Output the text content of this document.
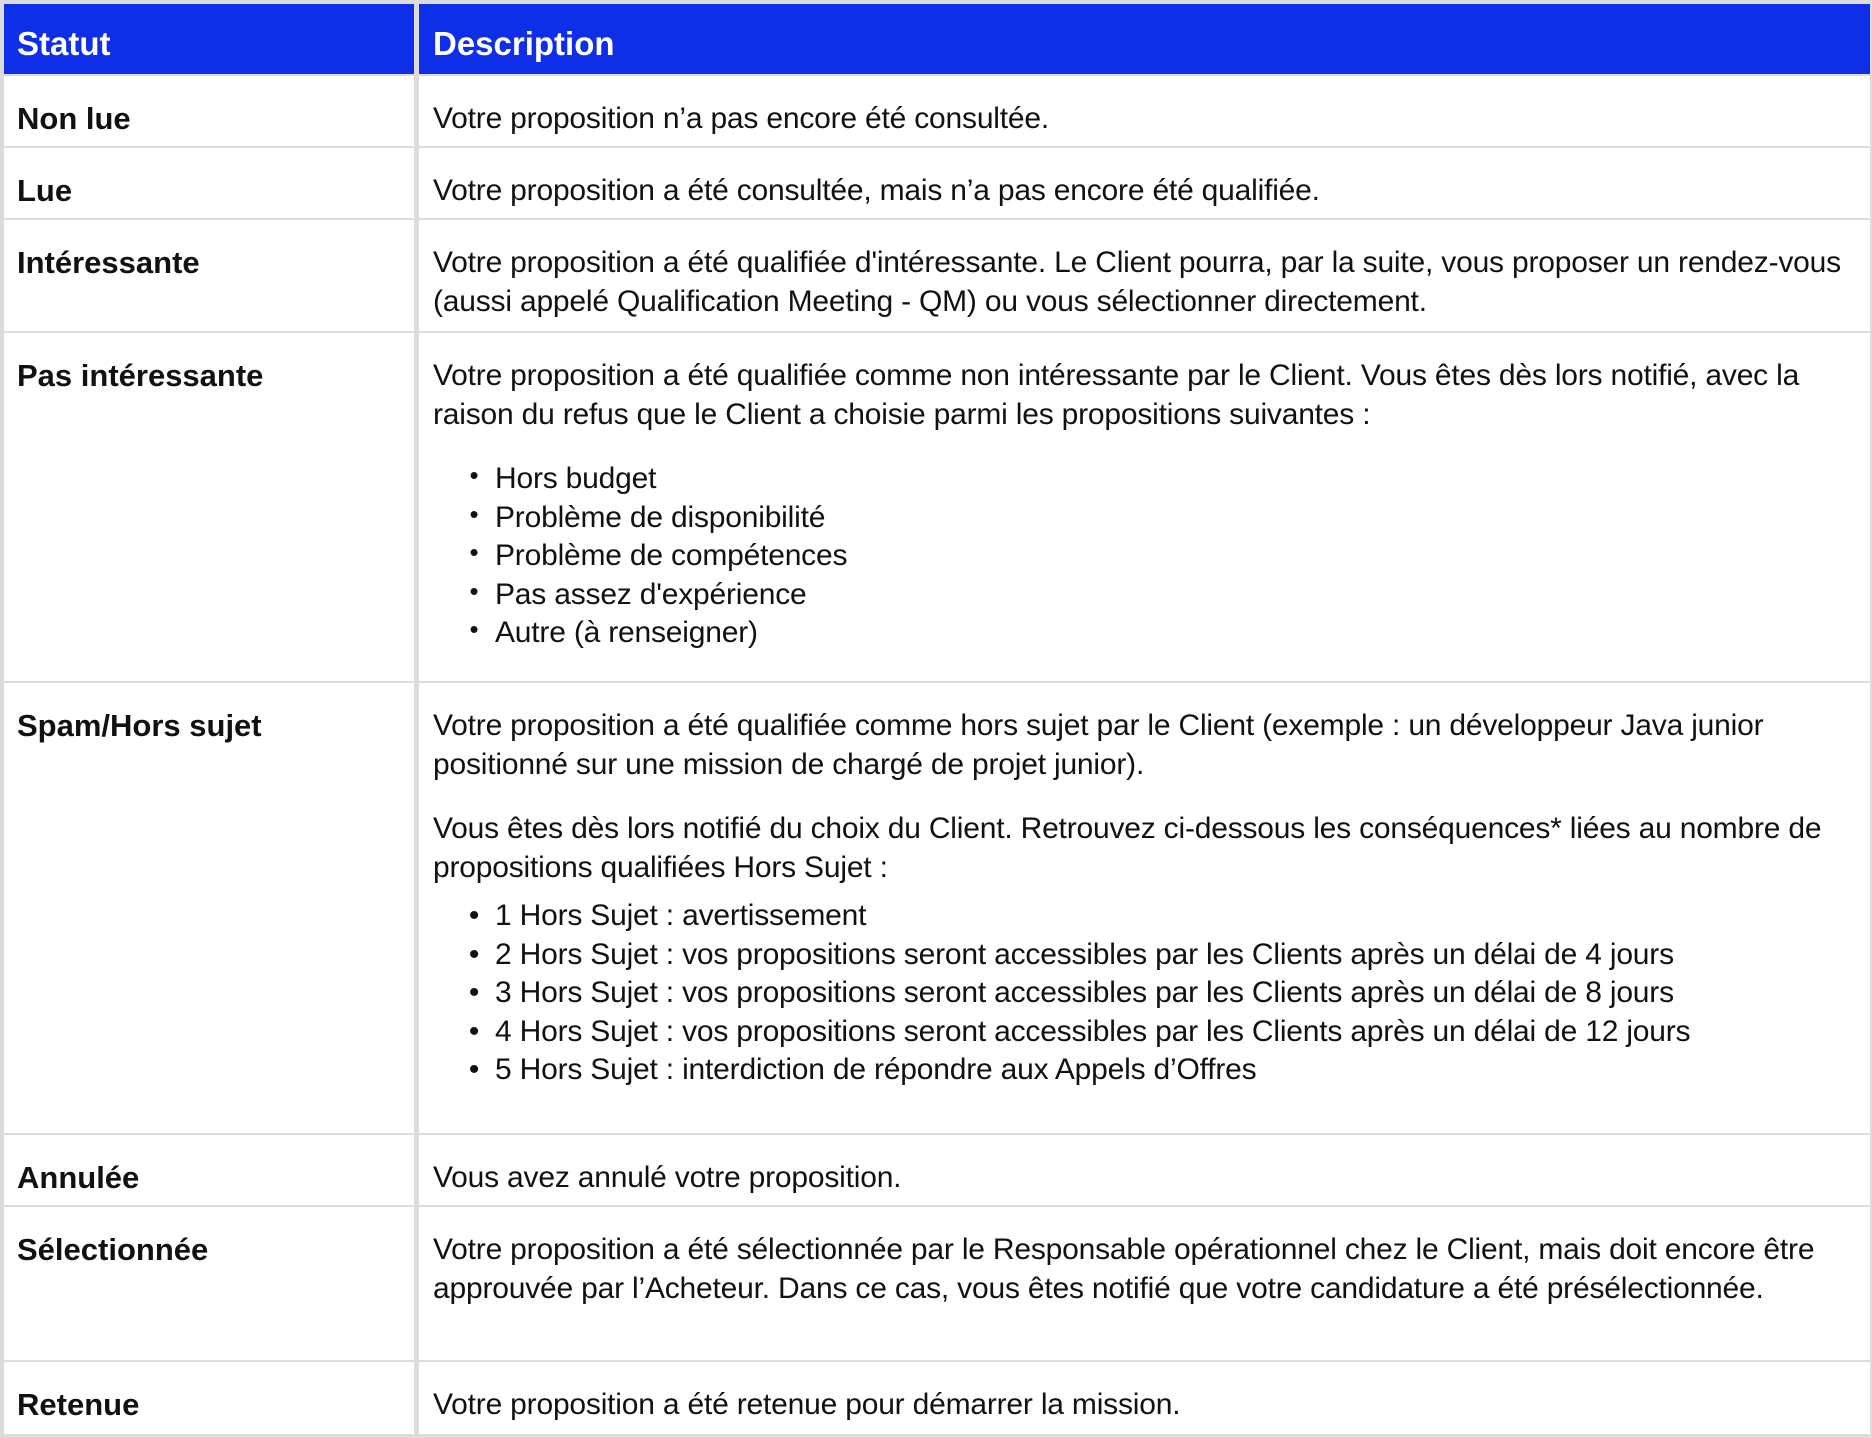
Statut	Description
Non lue	Votre proposition n’a pas encore été consultée.

Lue	Votre proposition a été consultée, mais n’a pas encore été qualifiée.

Intéressante	Votre proposition a été qualifiée d'intéressante. Le Client pourra, par la suite, vous proposer un rendez-vous (aussi appelé Qualification Meeting - QM) ou vous sélectionner directement.

Pas intéressante	Votre proposition a été qualifiée comme non intéressante par le Client. Vous êtes dès lors notifié, avec la raison du refus que le Client a choisie parmi les propositions suivantes :

• Hors budget
• Problème de disponibilité
• Problème de compétences
• Pas assez d'expérience
• Autre (à renseigner)
Spam/Hors sujet	Votre proposition a été qualifiée comme hors sujet par le Client (exemple : un développeur Java junior positionné sur une mission de chargé de projet junior).

Vous êtes dès lors notifié du choix du Client. Retrouvez ci-dessous les conséquences* liées au nombre de propositions qualifiées Hors Sujet :

• 1 Hors Sujet : avertissement
• 2 Hors Sujet : vos propositions seront accessibles par les Clients après un délai de 4 jours
• 3 Hors Sujet : vos propositions seront accessibles par les Clients après un délai de 8 jours
• 4 Hors Sujet : vos propositions seront accessibles par les Clients après un délai de 12 jours
• 5 Hors Sujet : interdiction de répondre aux Appels d’Offres
Annulée	Vous avez annulé votre proposition.

Sélectionnée	Votre proposition a été sélectionnée par le Responsable opérationnel chez le Client, mais doit encore être approuvée par l’Acheteur. Dans ce cas, vous êtes notifié que votre candidature a été présélectionnée.

Retenue	Votre proposition a été retenue pour démarrer la mission.
